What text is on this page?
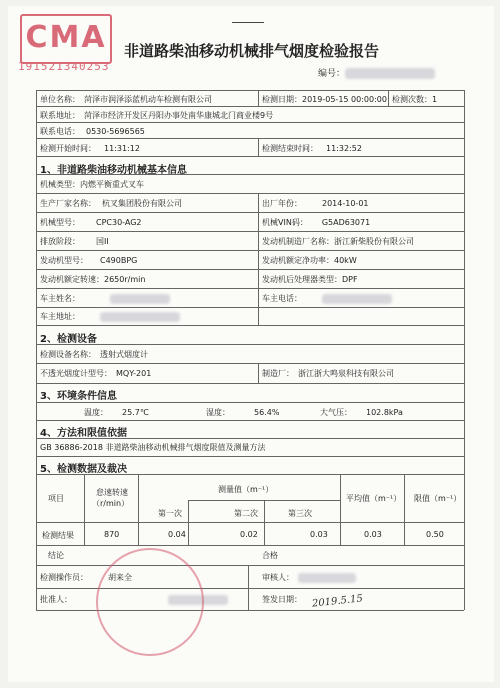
CMA
191521340253
非道路柴油移动机械排气烟度检验报告
编号：
单位名称： 菏泽市润泽添蓝机动车检测有限公司	检测日期：2019-05-15 00:00:00 检测次数：1
联系地址： 菏泽市经济开发区丹阳办事处南华康城北门商业楼9号
联系电话： 0530-5696565
检测开始时间： 11:31:12	检测结束时间： 11:32:52
1、非道路柴油移动机械基本信息
机械类型：内燃平衡重式叉车
生产厂家名称： 杭叉集团股份有限公司	出厂年份：	2014-10-01
机械型号： CPC30-AG2	机械VIN码： G5AD63071
排放阶段： 国II	发动机制造厂名称：浙江新柴股份有限公司
发动机型号： C490BPG	发动机额定净功率：40kW
发动机额定转速：2650r/min	发动机后处理器类型：DPF
车主姓名：	车主电话：
车主地址：
2、检测设备
检测设备名称： 透射式烟度计
不透光烟度计型号： MQY-201	制造厂： 浙江浙大鸣泉科技有限公司
3、环境条件信息
温度： 25.7℃	湿度：	56.4%	大气压： 102.8kPa
4、方法和限值依据
GB 36886-2018 非道路柴油移动机械排气烟度限值及测量方法
5、检测数据及裁决
项目
怠速转速
（r/min）
测量值（m⁻¹）
第一次	第二次	第三次
平均值（m⁻¹） 限值（m⁻¹）
检测结果	870	0.04	0.02	0.03	0.03	0.50
结论	合格
检测操作员：	胡来全	审核人：
批准人：	签发日期： 2019.5.15
